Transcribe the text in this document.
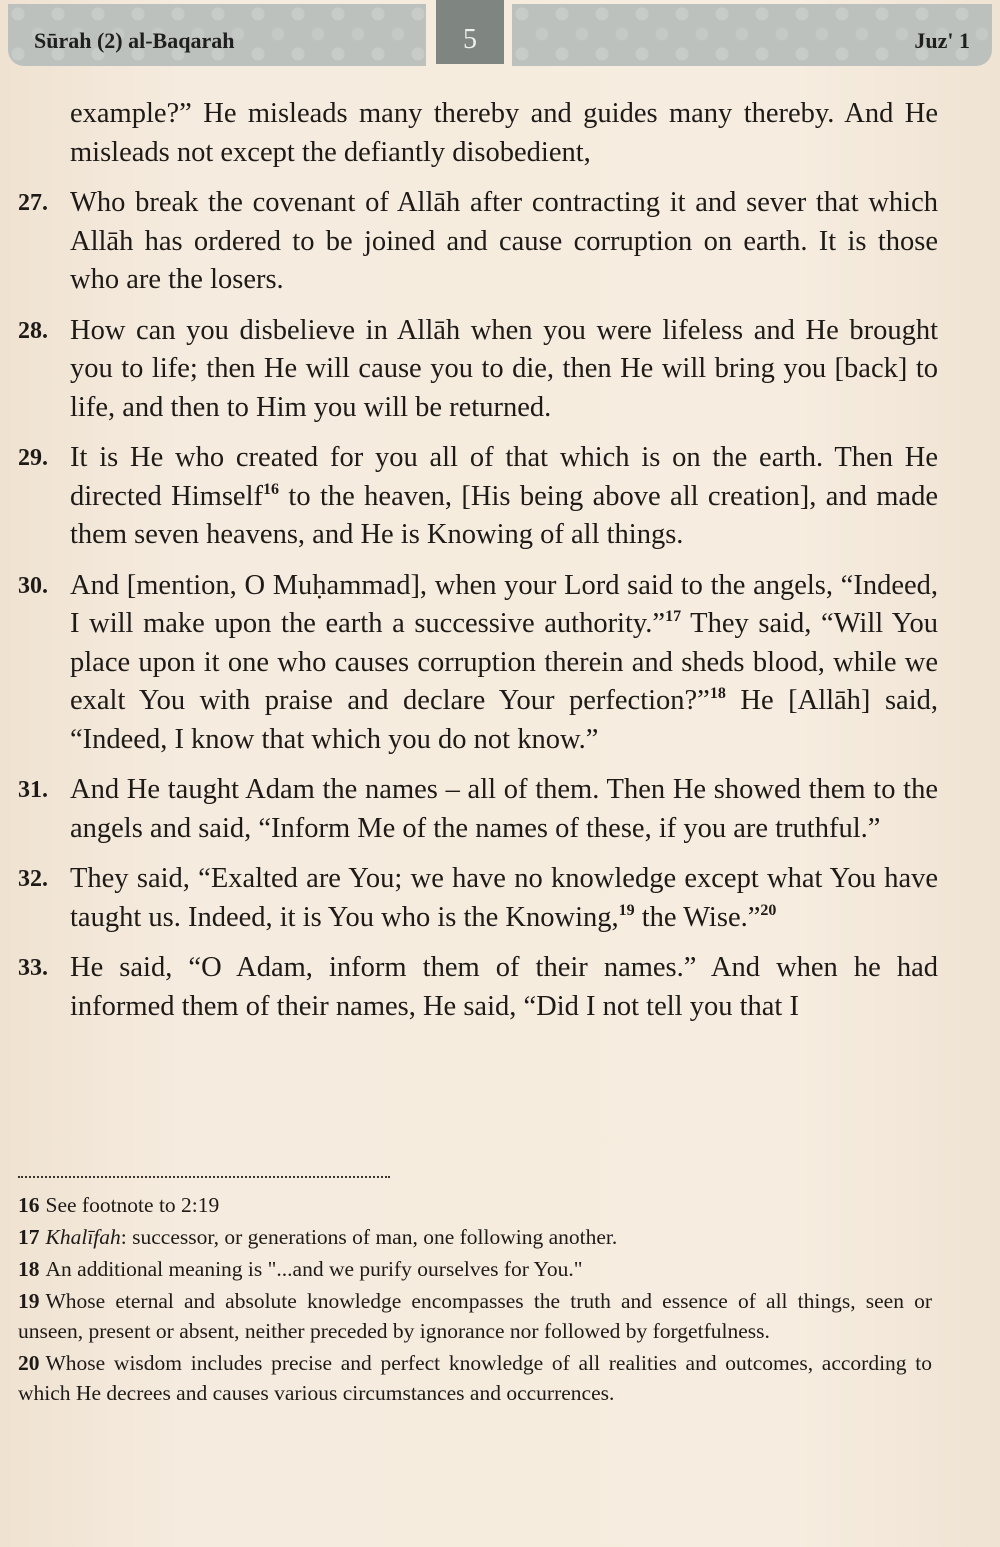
5
Sūrah (2) al-Baqarah	Juz' 1
example?” He misleads many thereby and guides many thereby. And He misleads not except the defiantly disobedient,
27. Who break the covenant of Allāh after contracting it and sever that which Allāh has ordered to be joined and cause corruption on earth. It is those who are the losers.
28. How can you disbelieve in Allāh when you were lifeless and He brought you to life; then He will cause you to die, then He will bring you [back] to life, and then to Him you will be returned.
29. It is He who created for you all of that which is on the earth. Then He directed Himself$^{16}$ to the heaven, [His being above all creation], and made them seven heavens, and He is Knowing of all things.
30. And [mention, O Muḥammad], when your Lord said to the angels, “Indeed, I will make upon the earth a successive authority.”$^{17}$ They said, “Will You place upon it one who causes corruption therein and sheds blood, while we exalt You with praise and declare Your perfection?”$^{18}$ He [Allāh] said, “Indeed, I know that which you do not know.”
31. And He taught Adam the names – all of them. Then He showed them to the angels and said, “Inform Me of the names of these, if you are truthful.”
32. They said, “Exalted are You; we have no knowledge except what You have taught us. Indeed, it is You who is the Knowing,$^{19}$ the Wise.”$^{20}$
33. He said, “O Adam, inform them of their names.” And when he had informed them of their names, He said, “Did I not tell you that I
16 See footnote to 2:19
17 Khalīfah: successor, or generations of man, one following another.
18 An additional meaning is "...and we purify ourselves for You."
19 Whose eternal and absolute knowledge encompasses the truth and essence of all things, seen or unseen, present or absent, neither preceded by ignorance nor followed by forgetfulness.
20 Whose wisdom includes precise and perfect knowledge of all realities and outcomes, according to which He decrees and causes various circumstances and occurrences.
